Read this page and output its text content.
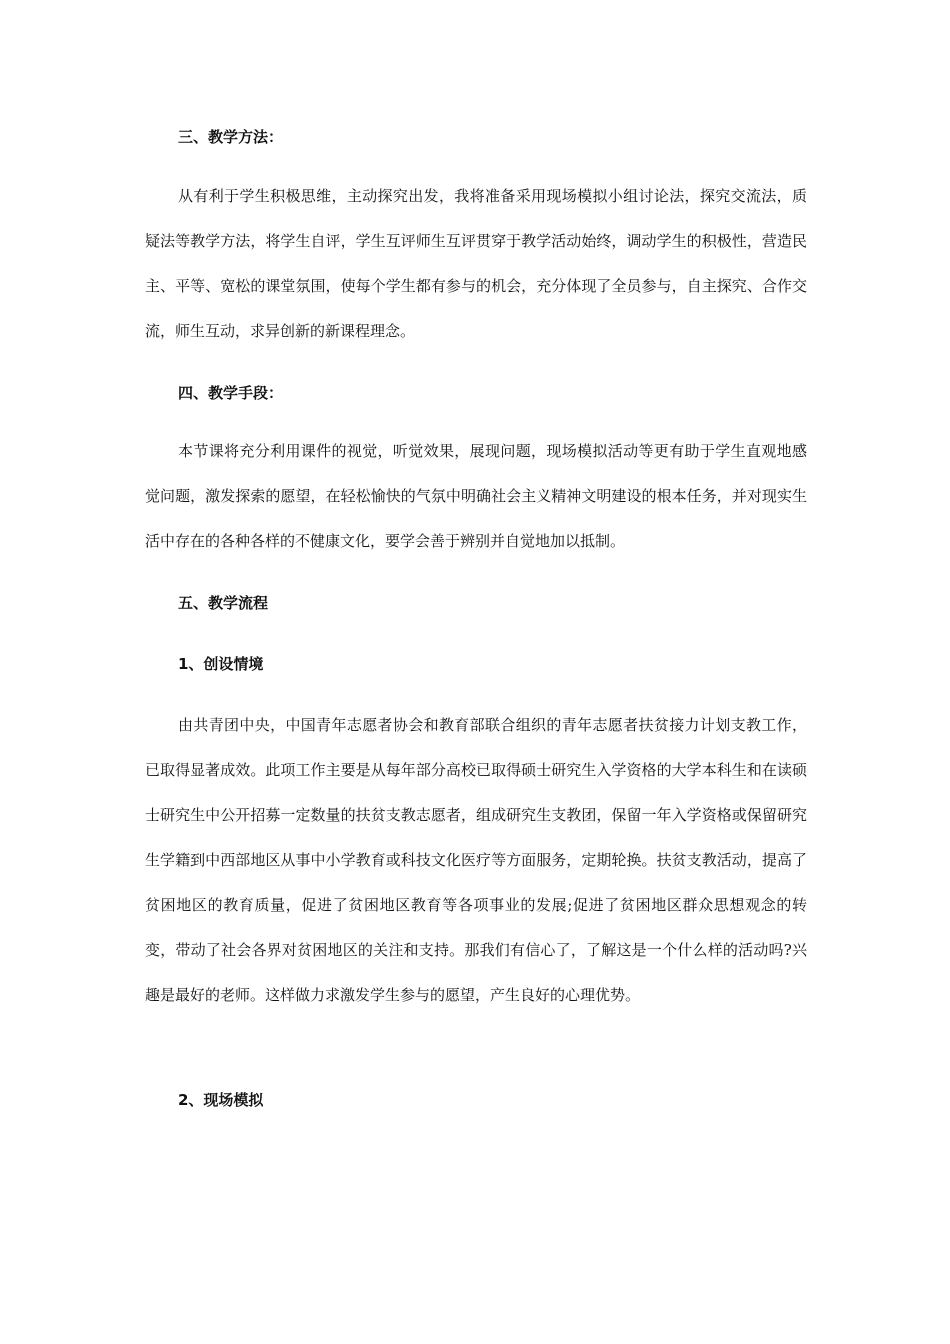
三、教学方法：

从有利于学生积极思维，主动探究出发，我将准备采用现场模拟小组讨论法，探究交流法，质疑法等教学方法，将学生自评，学生互评师生互评贯穿于教学活动始终，调动学生的积极性，营造民主、平等、宽松的课堂氛围，使每个学生都有参与的机会，充分体现了全员参与，自主探究、合作交流，师生互动，求异创新的新课程理念。

四、教学手段：

本节课将充分利用课件的视觉，听觉效果，展现问题，现场模拟活动等更有助于学生直观地感觉问题，激发探索的愿望，在轻松愉快的气氛中明确社会主义精神文明建设的根本任务，并对现实生活中存在的各种各样的不健康文化，要学会善于辨别并自觉地加以抵制。

五、教学流程
1、创设情境

由共青团中央，中国青年志愿者协会和教育部联合组织的青年志愿者扶贫接力计划支教工作，已取得显著成效。此项工作主要是从每年部分高校已取得硕士研究生入学资格的大学本科生和在读硕士研究生中公开招募一定数量的扶贫支教志愿者，组成研究生支教团，保留一年入学资格或保留研究生学籍到中西部地区从事中小学教育或科技文化医疗等方面服务，定期轮换。扶贫支教活动，提高了贫困地区的教育质量，促进了贫困地区教育等各项事业的发展;促进了贫困地区群众思想观念的转变，带动了社会各界对贫困地区的关注和支持。那我们有信心了，了解这是一个什么样的活动吗?兴趣是最好的老师。这样做力求激发学生参与的愿望，产生良好的心理优势。

2、现场模拟
